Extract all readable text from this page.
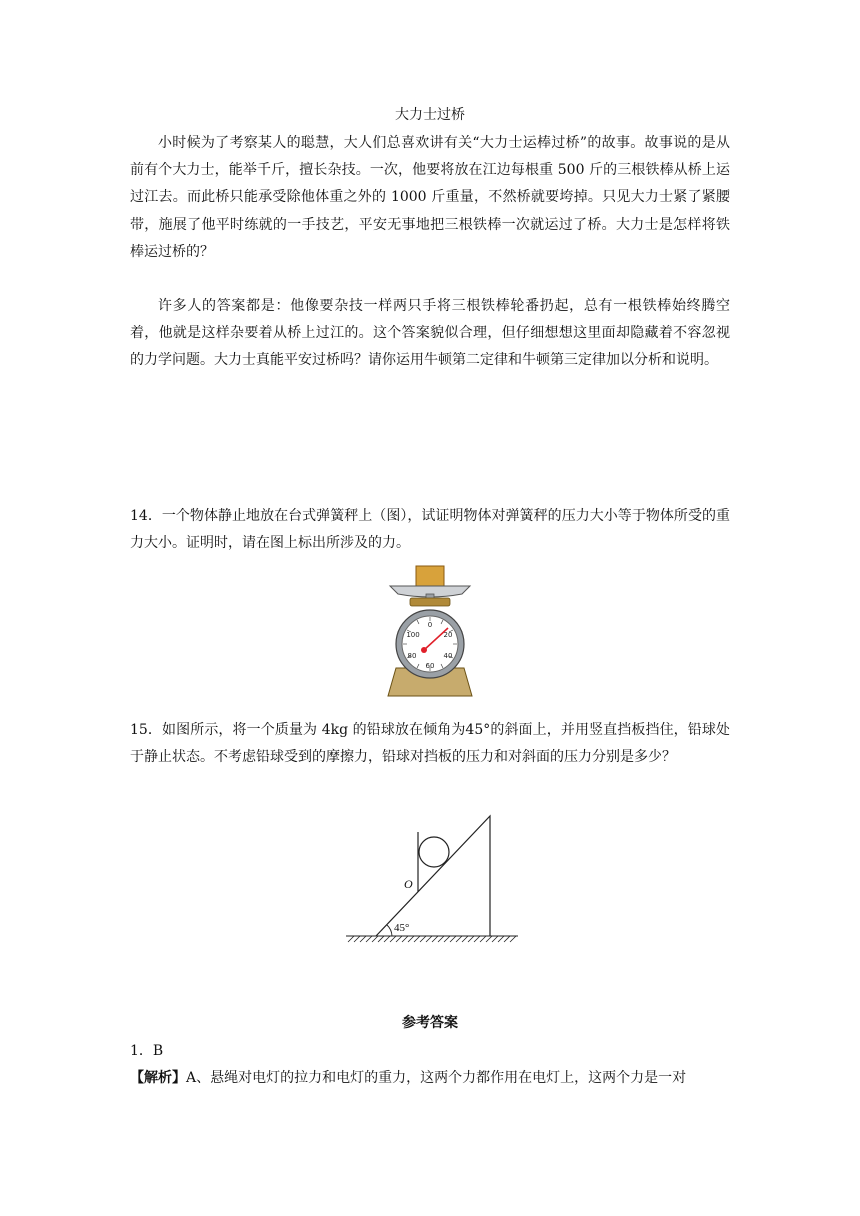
大力士过桥

小时候为了考察某人的聪慧，大人们总喜欢讲有关“大力士运棒过桥”的故事。故事说的是从前有个大力士，能举千斤，擅长杂技。一次，他要将放在江边每根重 500 斤的三根铁棒从桥上运过江去。而此桥只能承受除他体重之外的 1000 斤重量，不然桥就要垮掉。只见大力士紧了紧腰带，施展了他平时练就的一手技艺，平安无事地把三根铁棒一次就运过了桥。大力士是怎样将铁棒运过桥的？

许多人的答案都是：他像要杂技一样两只手将三根铁棒轮番扔起，总有一根铁棒始终腾空着，他就是这样杂要着从桥上过江的。这个答案貌似合理，但仔细想想这里面却隐藏着不容忽视的力学问题。大力士真能平安过桥吗？请你运用牛顿第二定律和牛顿第三定律加以分析和说明。

14．一个物体静止地放在台式弹簧秤上（图），试证明物体对弹簧秤的压力大小等于物体所受的重力大小。证明时，请在图上标出所涉及的力。

0
20
40
60
80
100

15．如图所示，将一个质量为 4kg 的铅球放在倾角为45°的斜面上，并用竖直挡板挡住，铅球处于静止状态。不考虑铅球受到的摩擦力，铅球对挡板的压力和对斜面的压力分别是多少？

45°
O
参考答案

1．B

【解析】A、悬绳对电灯的拉力和电灯的重力，这两个力都作用在电灯上，这两个力是一对
